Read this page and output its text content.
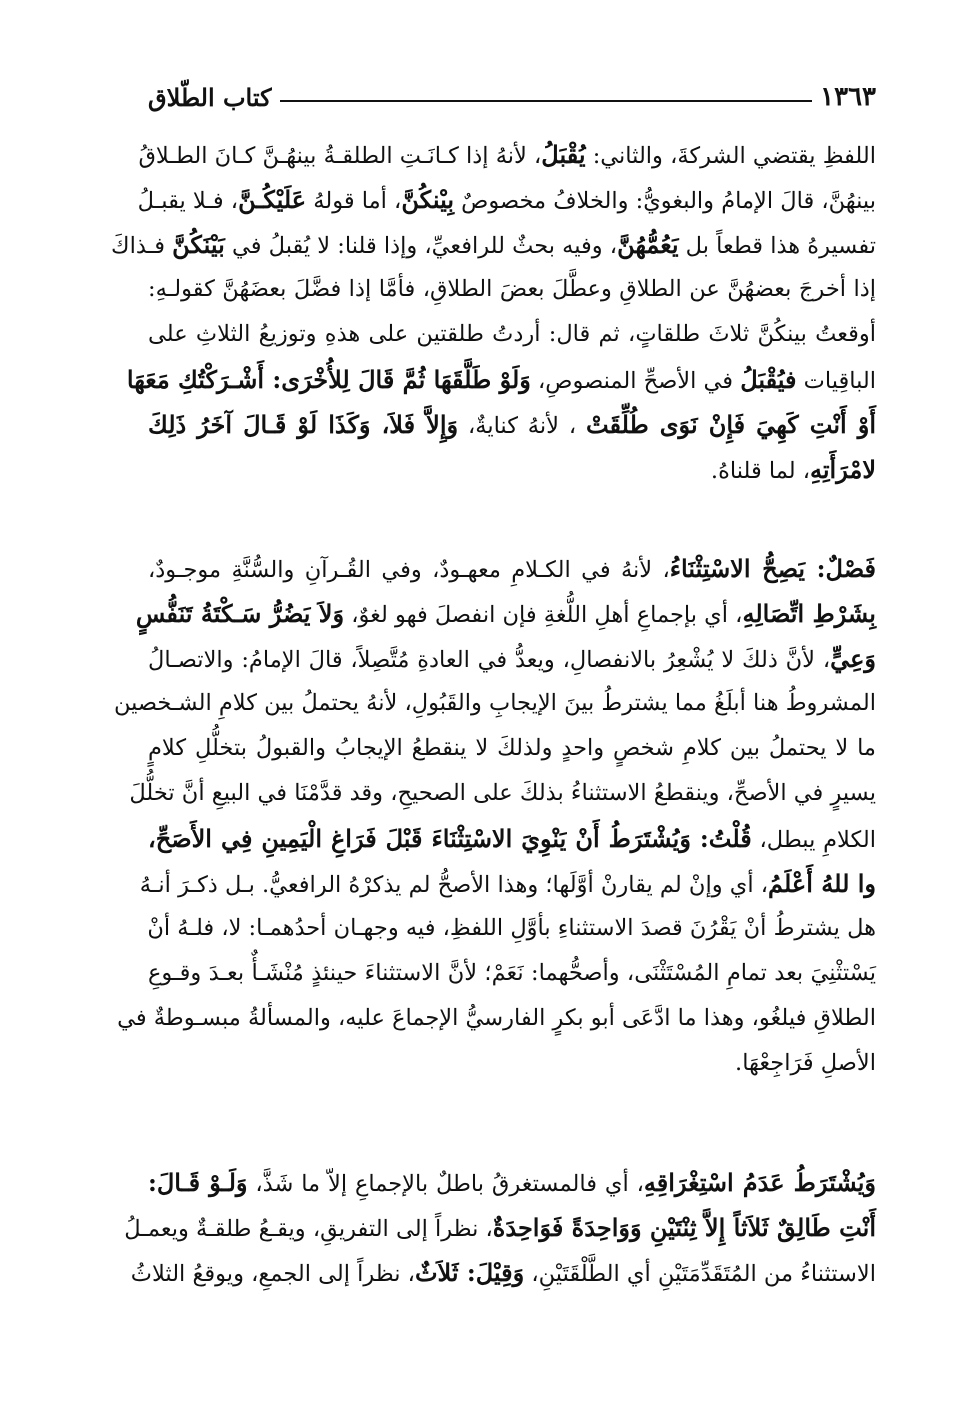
١٣٦٣
كتاب الطّلاق
اللفظِ يقتضي الشركةَ، والثاني: يُقْبَلُ، لأنهُ إذا كـانَـتِ الطلقـةُ بينهُـنَّ كـانَ الطـلاقُ
بينهُنَّ، قالَ الإمامُ والبغويُّ: والخلافُ مخصوصٌ بِيْنكُنَّ، أما قولهُ عَلَيْكُـنَّ، فـلا يقبـلُ
تفسيرهُ هذا قطعاً بل يَعُمُّهُنَّ، وفيه بحثٌ للرافعيِّ، وإذا قلنا: لا يُقبلُ في بَيْنَكُنَّ فـذاكَ
إذا أخرجَ بعضهُنَّ عن الطلاقِ وعطَّلَ بعضَ الطلاقِ، فأمَّا إذا فضَّلَ بعضَهُنَّ كقولـهِ:
أوقعتُ بينكُنَّ ثلاثَ طلقاتٍ، ثم قال: أردتُ طلقتين على هذهِ وتوزيعُ الثلاثِ على
الباقِيات فيُقْبَلُ في الأصحِّ المنصوصِ، وَلَوْ طَلَّقَهَا ثُمَّ قَالَ لِلأُخْرَى: أَشْـرَكْتُكِ مَعَهَا
أَوْ أَنْتِ كَهِيَ فَإِنْ نَوَى طُلِّقَتْ ، لأنهُ كنايةٌ، وَإِلاَّ فَلاَ، وَكَذَا لَوْ قَـالَ آخَرُ ذَلِكَ
لامْرَأَتِهِ، لما قلناهُ.
فَصْلٌ: يَصِحُّ الاسْتِثْنَاءُ، لأنهُ في الكـلامِ معهـودٌ، وفي القُـرآنِ والسُّنَّةِ موجـودٌ،
بِشَرْطِ اتِّصَالِهِ، أي بإجماعِ أهلِ اللُّغةِ فإن انفصلَ فهو لغوٌ، وَلاَ يَضُرُّ سَـكْتَةُ تَنَفُّسٍ
وَعِيٍّ، لأنَّ ذلكَ لا يُشْعِرُ بالانفصالِ، ويعدُّ في العادةِ مُتَّصِلاً، قالَ الإمامُ: والاتصـالُ
المشروطُ هنا أبلَغُ مما يشترطُ بينَ الإيجابِ والقَبُولِ، لأنهُ يحتملُ بين كلامِ الشـخصين
ما لا يحتملُ بين كلامِ شخصٍ واحدٍ ولذلكَ لا ينقطعُ الإيجابُ والقبولُ بتخلُّلِ كلامٍ
يسيرٍ في الأصحِّ، وينقطعُ الاستثناءُ بذلكَ على الصحيحِ، وقد قدَّمْنَا في البيعِ أنَّ تخلُّلَ
الكلامِ يبطل، قُلْتُ: وَيُشْتَرَطُ أَنْ يَنْوِيَ الاسْتِثْنَاءَ قَبْلَ فَرَاغِ الْيَمِينِ فِي الأَصَحِّ،
وا للهُ أَعْلَمُ، أي وإنْ لم يقارنْ أوَّلَها؛ وهذا الأصحُّ لم يذكرْهُ الرافعيُّ. بـل ذكـرَ أنـهُ
هل يشترطُ أنْ يَقْرُنَ قصدَ الاستثناءِ بأوَّلِ اللفظِ، فيه وجهـان أحدُهمـا: لا، فلـهُ أنْ
يَسْتثْنِيَ بعد تمامِ المُسْتَثْنَى، وأصحُّهما: نَعَمْ؛ لأنَّ الاستثناءَ حينئذٍ مُنْشَـأٌ بعـدَ وقـوعِ
الطلاقِ فيلغُو، وهذا ما ادَّعَى أبو بكرٍ الفارسيُّ الإجماعَ عليه، والمسألةُ مبسـوطةٌ في
الأصلِ فَرَاجِعْهَا.
وَيُشْتَرَطُ عَدَمُ اسْتِغْرَاقِهِ، أي فالمستغرقُ باطلٌ بالإجماعِ إلاّ ما شَذَّ، وَلَـوْ قَـالَ:
أَنْتِ طَالِقٌ ثَلاَثاً إِلاَّ ثِنْتَيْنِ وَوَاحِدَةً فَوَاحِدَةٌ، نظراً إلى التفريقِ، ويقـعُ طلقـةٌ ويعمـلُ
الاستثناءُ من المُتَقَدِّمَتَيْنِ أي الطَّلْقَتَيْنِ، وَقِيْلَ: ثَلاَثٌ، نظراً إلى الجمعِ، ويوقعُ الثلاثُ
